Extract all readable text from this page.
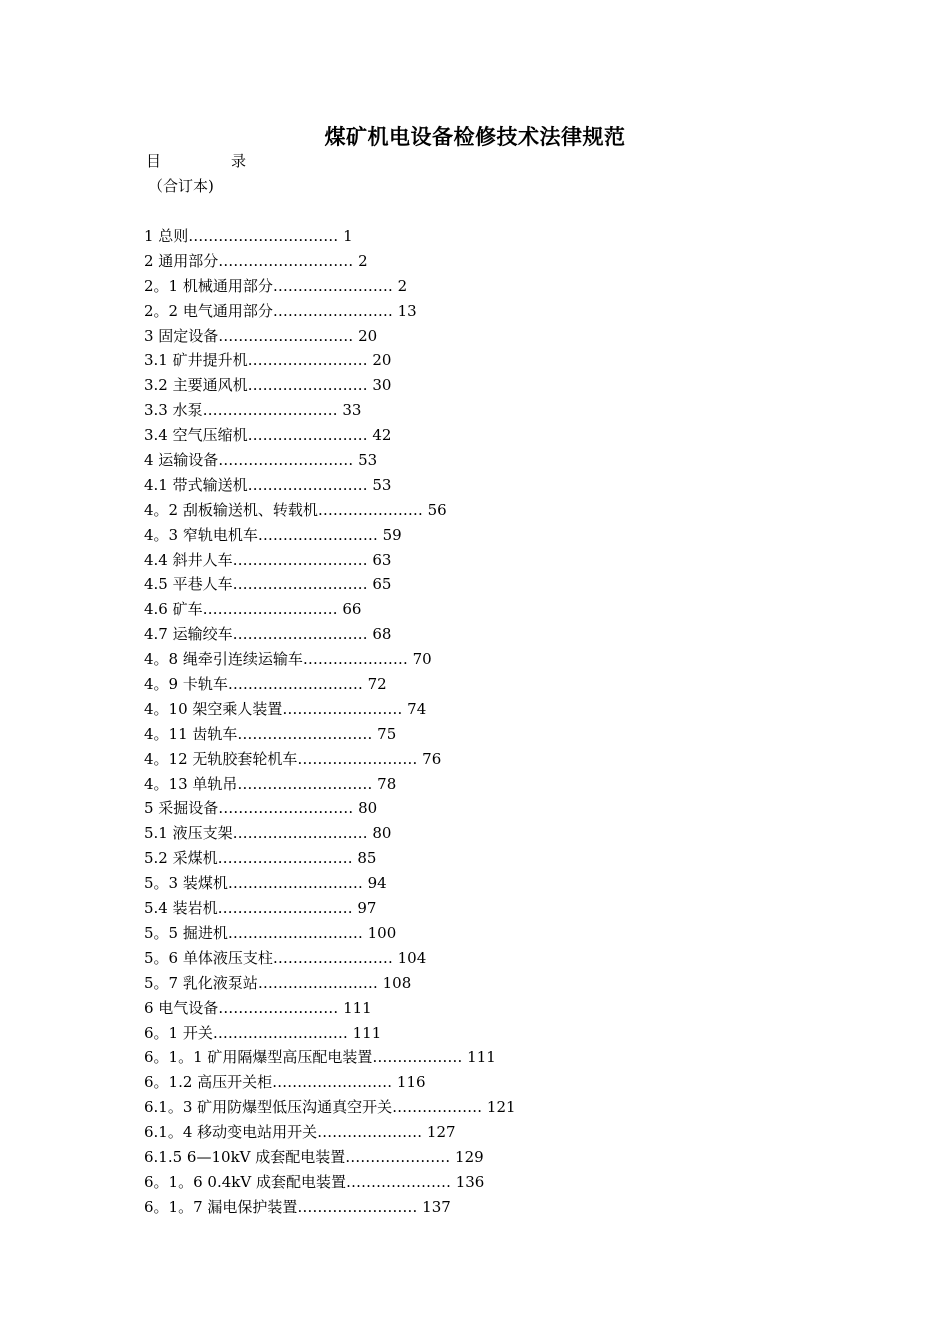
煤矿机电设备检修技术法律规范
目	录
（合订本)
1 总则………………………… 1
2 通用部分……………………… 2
2。1 机械通用部分…………………… 2
2。2 电气通用部分…………………… 13
3 固定设备……………………… 20
3.1 矿井提升机…………………… 20
3.2 主要通风机…………………… 30
3.3 水泵……………………… 33
3.4 空气压缩机…………………… 42
4 运输设备……………………… 53
4.1 带式输送机…………………… 53
4。2 刮板输送机、转载机………………… 56
4。3 窄轨电机车…………………… 59
4.4 斜井人车……………………… 63
4.5 平巷人车……………………… 65
4.6 矿车……………………… 66
4.7 运输绞车……………………… 68
4。8 绳牵引连续运输车………………… 70
4。9 卡轨车……………………… 72
4。10 架空乘人装置…………………… 74
4。11 齿轨车……………………… 75
4。12 无轨胶套轮机车…………………… 76
4。13 单轨吊……………………… 78
5 采掘设备……………………… 80
5.1 液压支架……………………… 80
5.2 采煤机……………………… 85
5。3 装煤机……………………… 94
5.4 装岩机……………………… 97
5。5 掘进机……………………… 100
5。6 单体液压支柱…………………… 104
5。7 乳化液泵站…………………… 108
6 电气设备…………………… 111
6。1 开关……………………… 111
6。1。1 矿用隔爆型高压配电装置……………… 111
6。1.2 高压开关柜…………………… 116
6.1。3 矿用防爆型低压沟通真空开关……………… 121
6.1。4 移动变电站用开关………………… 127
6.1.5 6—10kV 成套配电装置………………… 129
6。1。6 0.4kV 成套配电装置………………… 136
6。1。7 漏电保护装置…………………… 137
